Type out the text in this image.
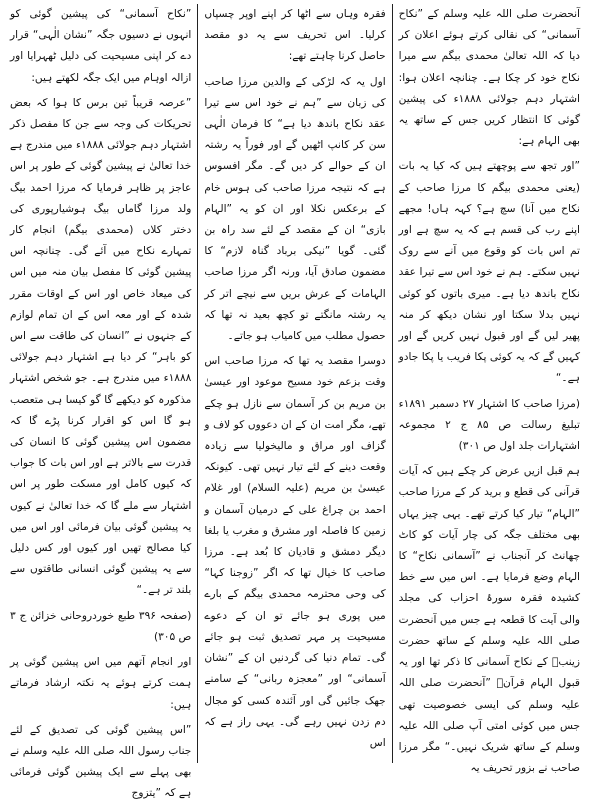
آنحضرت صلی اللہ علیہ وسلم کے ”نکاح آسمانی“ کی نقالی کرتے ہوئے اعلان کر دیا کہ اللہ تعالیٰ محمدی بیگم سے میرا نکاح خود کر چکا ہے۔ چنانچہ اعلان ہوا: اشتہار دہم جولائی ۱۸۸۸ء کی پیشین گوئی کا انتظار کریں جس کے ساتھ یہ بھی الہام ہے:

”اور تجھ سے پوچھتے ہیں کہ کیا یہ بات (یعنی محمدی بیگم کا مرزا صاحب کے نکاح میں آنا) سچ ہے؟ کہہ ہاں! مجھے اپنے رب کی قسم ہے کہ یہ سچ ہے اور تم اس بات کو وقوع میں آنے سے روک نہیں سکتے۔ ہم نے خود اس سے تیرا عقد نکاح باندھ دیا ہے۔ میری باتوں کو کوئی نہیں بدلا سکتا اور نشان دیکھ کر منہ پھیر لیں گے اور قبول نہیں کریں گے اور کہیں گے کہ یہ کوئی پکا فریب یا پکا جادو ہے۔“

(مرزا صاحب کا اشتہار ۲۷ دسمبر ۱۸۹۱ء تبلیغ رسالت ص ۸۵ ج ۲ مجموعہ اشتہارات جلد اول ص ۳۰۱)

ہم قبل ازیں عرض کر چکے ہیں کہ آیات قرآنی کی قطع و برید کر کے مرزا صاحب ”الہام“ تیار کیا کرتے تھے۔ یہی چیز یہاں بھی مختلف جگہ کی چار آیات کو کاٹ چھانٹ کر آنجناب نے ”آسمانی نکاح“ کا الہام وضع فرمایا ہے۔ اس میں سے خط کشیدہ فقرہ سورۂ احزاب کی مجلد والی آیت کا قطعہ ہے جس میں آنحضرت صلی اللہ علیہ وسلم کے ساتھ حضرت زینبؓ کے نکاح آسمانی کا ذکر تھا اور یہ قبول الہام قرآنؓ ”آنحضرت صلی اللہ علیہ وسلم کی ایسی خصوصیت تھی جس میں کوئی امتی آپ صلی اللہ علیہ وسلم کے ساتھ شریک نہیں۔“ مگر مرزا صاحب نے بزور تحریف یہ

فقرہ وہاں سے اٹھا کر اپنے اوپر چسپاں کرلیا۔ اس تحریف سے یہ دو مقصد حاصل کرنا چاہتے تھے:

اول یہ کہ لڑکی کے والدین مرزا صاحب کی زبان سے ”ہم نے خود اس سے تیرا عقد نکاح باندھ دیا ہے“ کا فرمان الٰہی سن کر کانپ اٹھیں گے اور فوراً یہ رشتہ ان کے حوالے کر دیں گے۔ مگر افسوس ہے کہ نتیجہ مرزا صاحب کی ہوس خام کے برعکس نکلا اور ان کو یہ ”الہام بازی“ ان کے مقصد کے لئے سد راہ بن گئی۔ گویا ”نیکی برباد گناہ لازم“ کا مضمون صادق آیا، ورنہ اگر مرزا صاحب الہامات کے عرش بریں سے نیچے اتر کر یہ رشتہ مانگتے تو کچھ بعید نہ تھا کہ حصول مطلب میں کامیاب ہو جاتے۔

دوسرا مقصد یہ تھا کہ مرزا صاحب اس وقت بزعم خود مسیح موعود اور عیسیٰ بن مریم بن کر آسمان سے نازل ہو چکے تھے، مگر امت ان کے ان دعووں کو لاف و گزاف اور مراق و مالیخولیا سے زیادہ وقعت دینے کے لئے تیار نہیں تھی۔ کیونکہ عیسیٰ بن مریم (علیہ السلام) اور غلام احمد بن چراغ علی کے درمیان آسمان و زمین کا فاصلہ اور مشرق و مغرب یا بلغا دیگر دمشق و قادیان کا بُعد ہے۔ مرزا صاحب کا خیال تھا کہ اگر ”زوجنا کہا“ کی وحی محترمہ محمدی بیگم کے بارے میں پوری ہو جائے تو ان کے دعوے مسیحیت پر مہر تصدیق ثبت ہو جائے گی۔ تمام دنیا کی گردنیں ان کے ”نشان آسمانی“ اور ”معجزہ ربانی“ کے سامنے جھک جائیں گی اور آئندہ کسی کو مجال دم زدن نہیں رہے گی۔ یہی راز ہے کہ اس

”نکاح آسمانی“ کی پیشین گوئی کو انہوں نے دسیوں جگہ ”نشان الٰہی“ قرار دے کر اپنی مسیحیت کی دلیل ٹھہرایا اور ازالہ اوہام میں ایک جگہ لکھتے ہیں:

”عرصہ قریباً تین برس کا ہوا کہ بعض تحریکات کی وجہ سے جن کا مفصل ذکر اشتہار دہم جولائی ۱۸۸۸ء میں مندرج ہے خدا تعالیٰ نے پیشین گوئی کے طور پر اس عاجز پر ظاہر فرمایا کہ مرزا احمد بیگ ولد مرزا گاماں بیگ ہوشیارپوری کی دختر کلاں (محمدی بیگم) انجام کار تمہارے نکاح میں آئے گی۔ چنانچہ اس پیشین گوئی کا مفصل بیان منہ میں اس کی میعاد خاص اور اس کے اوقات مقرر شدہ کے اور معہ اس کے ان تمام لوازم کے جنہوں نے ”انسان کی طاقت سے اس کو باہر“ کر دیا ہے اشتہار دہم جولائی ۱۸۸۸ء میں مندرج ہے۔ جو شخص اشتہار مذکورہ کو دیکھے گا گو کیسا ہی متعصب ہو گا اس کو اقرار کرنا پڑے گا کہ مضمون اس پیشین گوئی کا انسان کی قدرت سے بالاتر ہے اور اس بات کا جواب کہ کیوں کامل اور مسکت طور پر اس اشتہار سے ملے گا کہ خدا تعالیٰ نے کیوں یہ پیشین گوئی بیان فرمائی اور اس میں کیا مصالح تھیں اور کیوں اور کس دلیل سے یہ پیشین گوئی انسانی طاقتوں سے بلند تر ہے۔“

(صفحہ ۳۹۶ طبع خوردروحانی خزائن ج ۳ ص ۳۰۵)

اور انجام آتھم میں اس پیشین گوئی پر ہمت کرتے ہوئے یہ نکتہ ارشاد فرماتے ہیں:

”اس پیشین گوئی کی تصدیق کے لئے جناب رسول اللہ صلی اللہ علیہ وسلم نے بھی پہلے سے ایک پیشین گوئی فرمائی ہے کہ ”یتزوج
